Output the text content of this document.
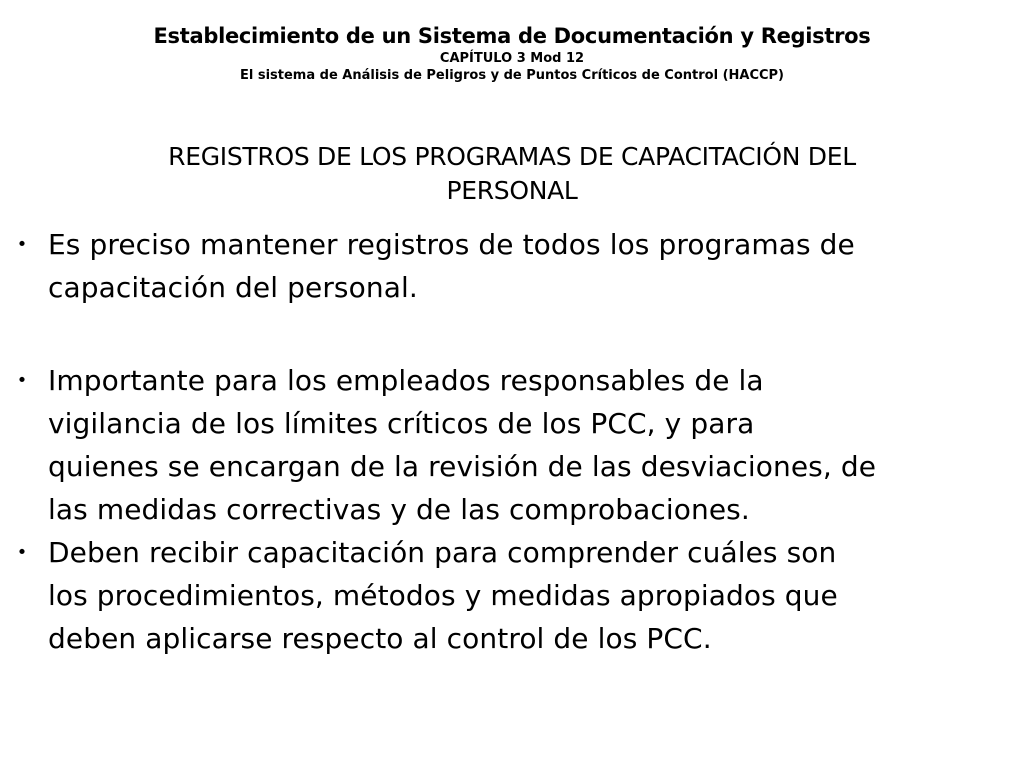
Establecimiento de un Sistema de Documentación y Registros
CAPÍTULO 3 Mod 12
El sistema de Análisis de Peligros y de Puntos Críticos de Control (HACCP)
REGISTROS DE LOS PROGRAMAS DE CAPACITACIÓN DEL
PERSONAL
・ Es preciso mantener registros de todos los programas de
capacitación del personal.
・ Importante para los empleados responsables de la
vigilancia de los límites críticos de los PCC, y para
quienes se encargan de la revisión de las desviaciones, de
las medidas correctivas y de las comprobaciones.
・ Deben recibir capacitación para comprender cuáles son
los procedimientos, métodos y medidas apropiados que
deben aplicarse respecto al control de los PCC.
